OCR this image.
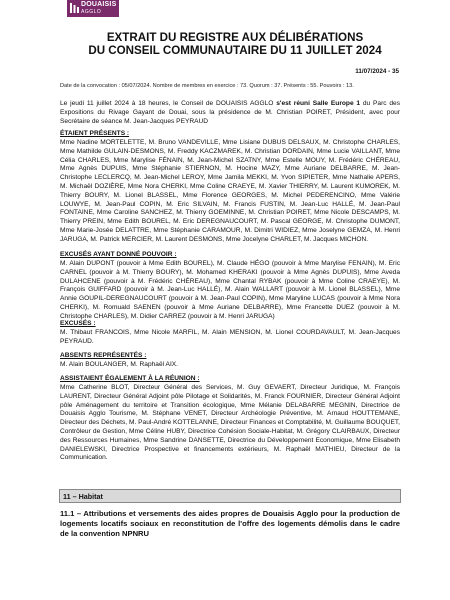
DOUAISIS
AGGLO
EXTRAIT DU REGISTRE AUX DÉLIBÉRATIONS
DU CONSEIL COMMUNAUTAIRE DU 11 JUILLET 2024
11/07/2024 - 35
Date de la convocation : 05/07/2024. Nombre de membres en exercice : 73. Quorum : 37. Présents : 55. Pouvoirs : 13.
Le jeudi 11 juillet 2024 à 18 heures, le Conseil de DOUAISIS AGGLO s'est réuni Salle Europe 1 du Parc des Expositions du Rivage Gayant de Douai, sous la présidence de M. Christian POIRET, Président, avec pour Secrétaire de séance M. Jean-Jacques PEYRAUD
ÉTAIENT PRÉSENTS :
Mme Nadine MORTELETTE, M. Bruno VANDEVILLE, Mme Lisiane DUBUS DELSAUX, M. Christophe CHARLES, Mme Mathilde GULAIN-DESMONS, M. Freddy KACZMAREK, M. Christian DORDAIN, Mme Lucie VAILLANT, Mme Célia CHARLES, Mme Marylise FÉNAIN, M. Jean-Michel SZATNY, Mme Estelle MOUY, M. Frédéric CHÉREAU, Mme Agnès DUPUIS, Mme Stéphanie STIERNON, M. Hocine MAZY, Mme Auriane DELBARRE, M. Jean-Christophe LECLERCQ, M. Jean-Michel LEROY, Mme Jamila MEKKI, M. Yvon SIPIETER, Mme Nathalie APERS, M. Michaël DOZIÈRE, Mme Nora CHERKI, Mme Coline CRAEYE, M. Xavier THIERRY, M. Laurent KUMOREK, M. Thierry BOURY, M. Lionel BLASSEL, Mme Florence GEORGES, M. Michel PEDERENCINO, Mme Valérie LOUWYE, M. Jean-Paul COPIN, M. Eric SILVAIN, M. Francis FUSTIN, M. Jean-Luc HALLÉ, M. Jean-Paul FONTAINE, Mme Caroline SANCHEZ, M. Thierry GOEMINNE, M. Christian POIRET, Mme Nicole DESCAMPS, M. Thierry PREIN, Mme Edith BOUREL, M. Eric DEREGNAUCOURT, M. Pascal GEORGE, M. Christophe DUMONT, Mme Marie-Josée DELATTRE, Mme Stéphanie CARAMOUR, M. Dimitri WIDIEZ, Mme Joselyne GEMZA, M. Henri JARUGA, M. Patrick MERCIER, M. Laurent DESMONS, Mme Jocelyne CHARLET, M. Jacques MICHON.
EXCUSÉS AYANT DONNÉ POUVOIR :
M. Alain DUPONT (pouvoir à Mme Edith BOUREL), M. Claude HÉGO (pouvoir à Mme Marylise FENAIN), M. Eric CARNEL (pouvoir à M. Thierry BOURY), M. Mohamed KHERAKI (pouvoir à Mme Agnès DUPUIS), Mme Aveda DULAHCENE (pouvoir à M. Frédéric CHÉREAU), Mme Chantal RYBAK (pouvoir à Mme Coline CRAEYE), M. François GUIFFARD (pouvoir à M. Jean-Luc HALLÉ), M. Alain WALLART (pouvoir à M. Lionel BLASSEL), Mme Annie GOUPIL-DEREGNAUCOURT (pouvoir à M. Jean-Paul COPIN), Mme Maryline LUCAS (pouvoir à Mme Nora CHERKI), M. Romuald SAENEN (pouvoir à Mme Auriane DELBARRE), Mme Francette DUEZ (pouvoir à M. Christophe CHARLES), M. Didier CARREZ (pouvoir à M. Henri JARUGA)
EXCUSÉS :
M. Thibaut FRANCOIS, Mme Nicole MARFIL, M. Alain MENSION, M. Lionel COURDAVAULT, M. Jean-Jacques PEYRAUD.
ABSENTS REPRÉSENTÉS :
M. Alain BOULANGER, M. Raphaël AIX.
ASSISTAIENT ÉGALEMENT À LA RÉUNION :
Mme Catherine BLOT, Directeur Général des Services, M. Guy GEVAERT, Directeur Juridique, M. François LAURENT, Directeur Général Adjoint pôle Pilotage et Solidarités, M. Franck FOURNIER, Directeur Général Adjoint pôle Aménagement du territoire et Transition écologique, Mme Mélanie DELABARRE MEGNIN, Directrice de Douaisis Agglo Tourisme, M. Stéphane VENET, Directeur Archéologie Préventive, M. Arnaud HOUTTEMANE, Directeur des Déchets, M. Paul-André KOTTELANNE, Directeur Finances et Comptabilité, M. Guillaume BOUQUET, Contrôleur de Gestion, Mme Céline HUBY, Directrice Cohésion Sociale-Habitat, M. Grégory CLAIRBAUX, Directeur des Ressources Humaines, Mme Sandrine DANSETTE, Directrice du Développement Economique, Mme Elisabeth DANIELEWSKI, Directrice Prospective et financements extérieurs, M. Raphaël MATHIEU, Directeur de la Communication.
11 – Habitat
11.1 – Attributions et versements des aides propres de Douaisis Agglo pour la production de logements locatifs sociaux en reconstitution de l'offre des logements démolis dans le cadre de la convention NPNRU
